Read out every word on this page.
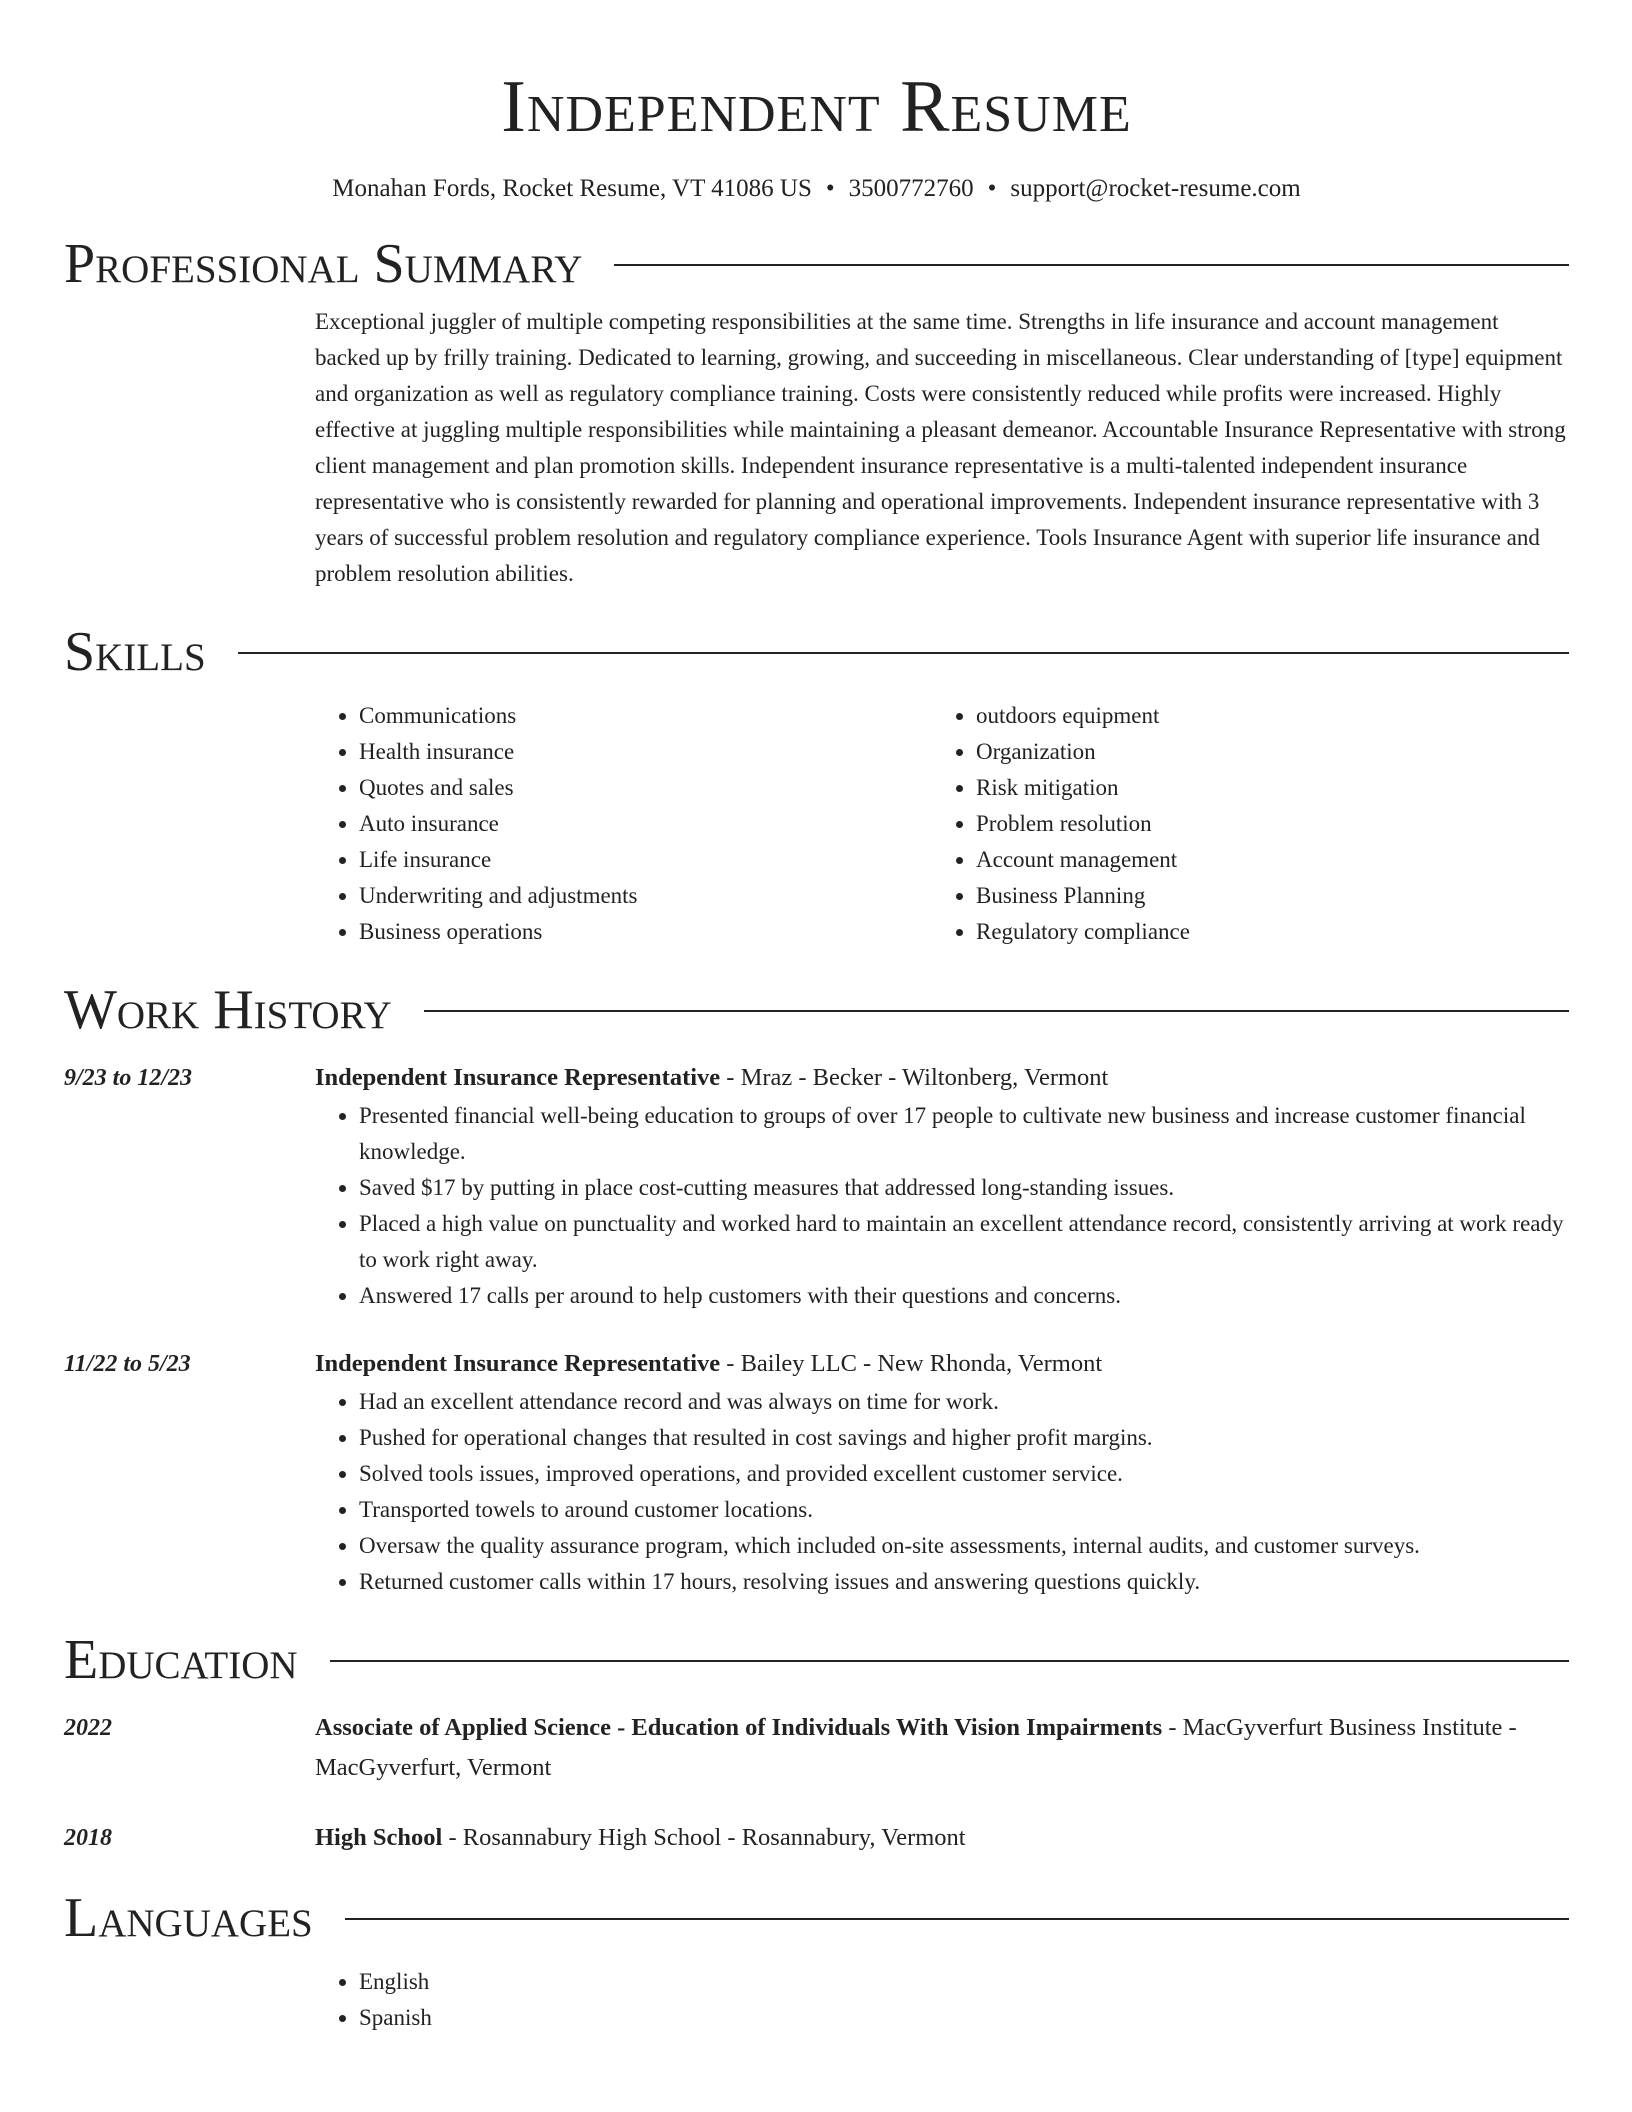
Independent Resume
Monahan Fords, Rocket Resume, VT 41086 US • 3500772760 • support@rocket-resume.com
Professional Summary

Exceptional juggler of multiple competing responsibilities at the same time. Strengths in life insurance and account management backed up by frilly training. Dedicated to learning, growing, and succeeding in miscellaneous. Clear understanding of [type] equipment and organization as well as regulatory compliance training. Costs were consistently reduced while profits were increased. Highly effective at juggling multiple responsibilities while maintaining a pleasant demeanor. Accountable Insurance Representative with strong client management and plan promotion skills. Independent insurance representative is a multi-talented independent insurance representative who is consistently rewarded for planning and operational improvements. Independent insurance representative with 3 years of successful problem resolution and regulatory compliance experience. Tools Insurance Agent with superior life insurance and problem resolution abilities.

Skills
• Communications
• Health insurance
• Quotes and sales
• Auto insurance
• Life insurance
• Underwriting and adjustments
• Business operations
• outdoors equipment
• Organization
• Risk mitigation
• Problem resolution
• Account management
• Business Planning
• Regulatory compliance
Work History
9/23 to 12/23	Independent Insurance Representative - Mraz - Becker - Wiltonberg, Vermont
• Presented financial well-being education to groups of over 17 people to cultivate new business and increase customer financial knowledge.
• Saved $17 by putting in place cost-cutting measures that addressed long-standing issues.
• Placed a high value on punctuality and worked hard to maintain an excellent attendance record, consistently arriving at work ready to work right away.
• Answered 17 calls per around to help customers with their questions and concerns.
11/22 to 5/23	Independent Insurance Representative - Bailey LLC - New Rhonda, Vermont
• Had an excellent attendance record and was always on time for work.
• Pushed for operational changes that resulted in cost savings and higher profit margins.
• Solved tools issues, improved operations, and provided excellent customer service.
• Transported towels to around customer locations.
• Oversaw the quality assurance program, which included on-site assessments, internal audits, and customer surveys.
• Returned customer calls within 17 hours, resolving issues and answering questions quickly.
Education
2022	Associate of Applied Science - Education of Individuals With Vision Impairments - MacGyverfurt Business Institute - MacGyverfurt, Vermont
2018	High School - Rosannabury High School - Rosannabury, Vermont
Languages
• English
• Spanish
